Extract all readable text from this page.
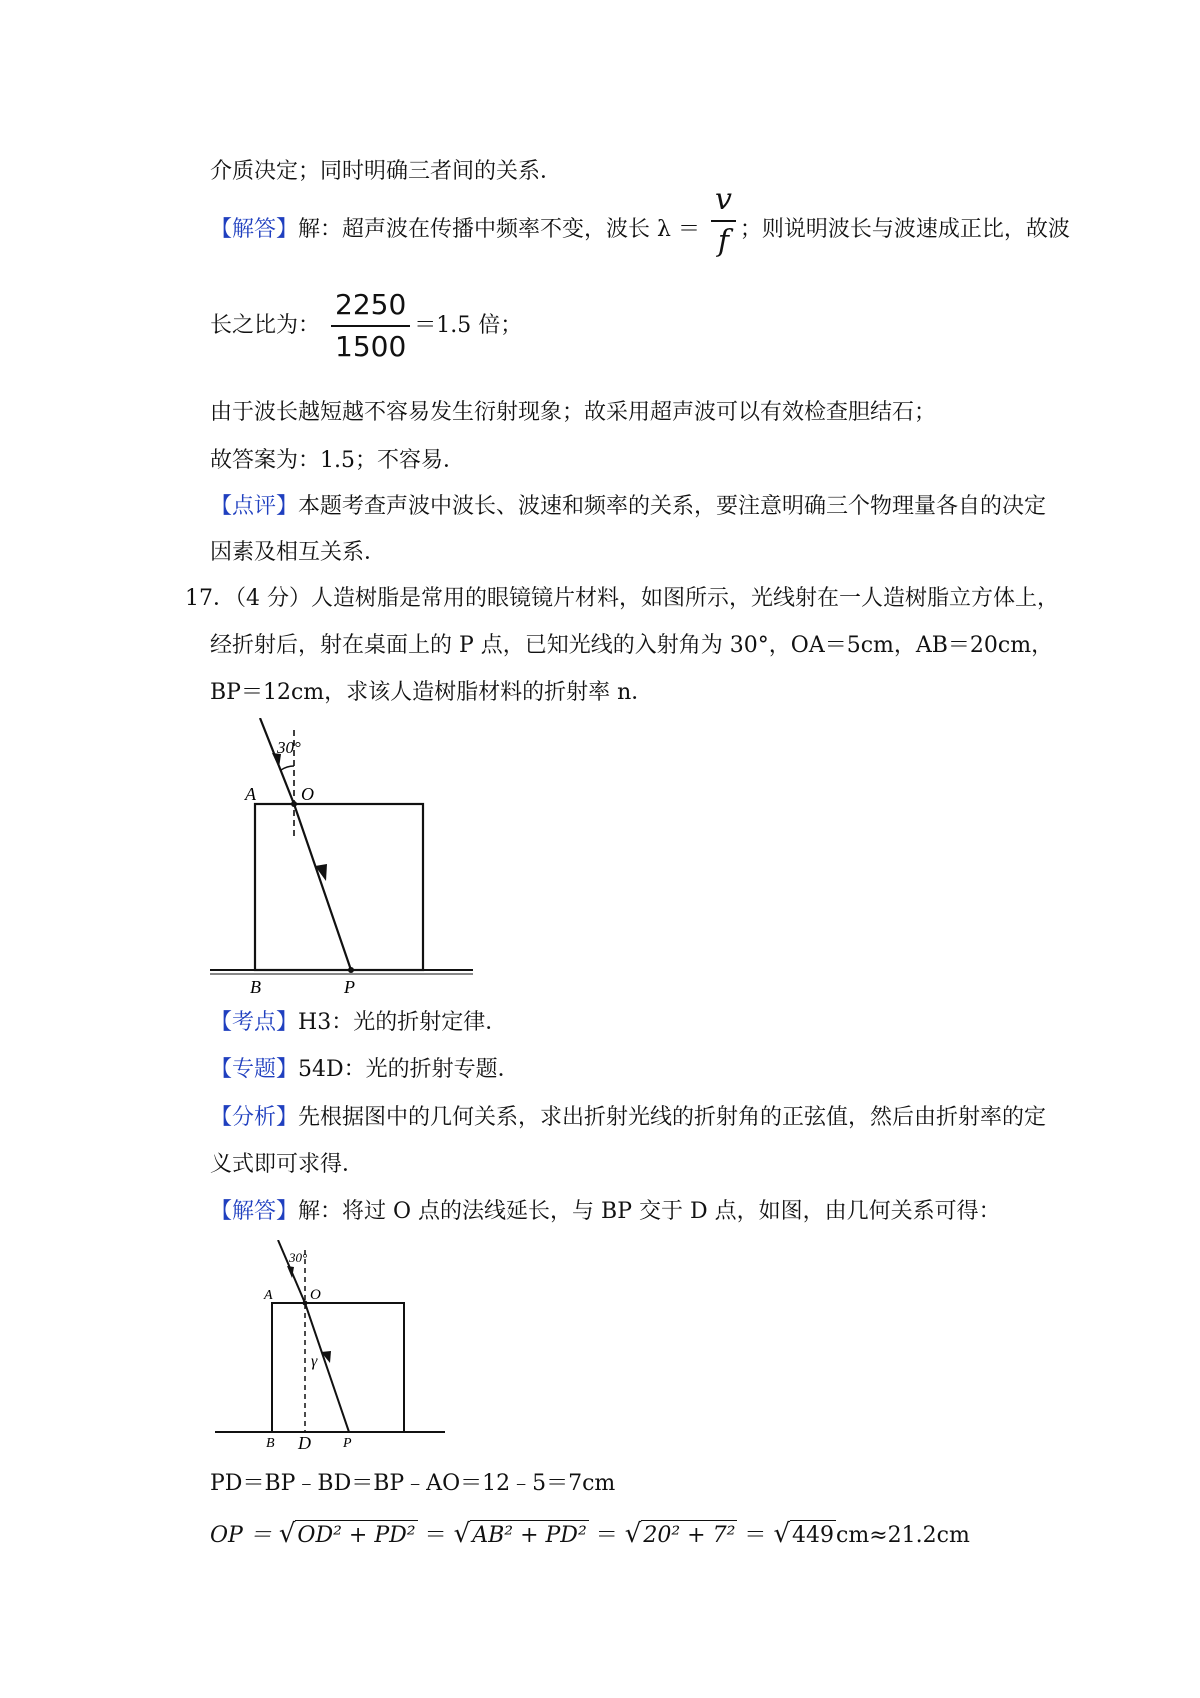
介质决定；同时明确三者间的关系．
【解答】解：超声波在传播中频率不变，波长 $\lambda = \frac{v}{f}$ ；则说明波长与波速成正比，故波
长之比为： $\frac{2250}{1500} =1.5$ 倍；
由于波长越短越不容易发生衍射现象；故采用超声波可以有效检查胆结石；
故答案为：1.5；不容易．
【点评】本题考查声波中波长、波速和频率的关系，要注意明确三个物理量各自的决定
因素及相互关系．
17．（4 分）人造树脂是常用的眼镜镜片材料，如图所示，光线射在一人造树脂立方体上，
经折射后，射在桌面上的 P 点，已知光线的入射角为 30°，OA＝5cm，AB＝20cm，
BP＝12cm，求该人造树脂材料的折射率 n．
30°
A	O
B	P
【考点】H3：光的折射定律．
【专题】54D：光的折射专题．
【分析】先根据图中的几何关系，求出折射光线的折射角的正弦值，然后由折射率的定
义式即可求得．
【解答】解：将过 O 点的法线延长，与 BP 交于 D 点，如图，由几何关系可得：
30°
A O
γ
B D P
PD＝BP﹣BD＝BP﹣AO＝12﹣5＝7cm
OP ＝ √OD² + PD² ＝ √AB² + PD² ＝ √20² + 7² ＝ √449cm≈21.2cm
